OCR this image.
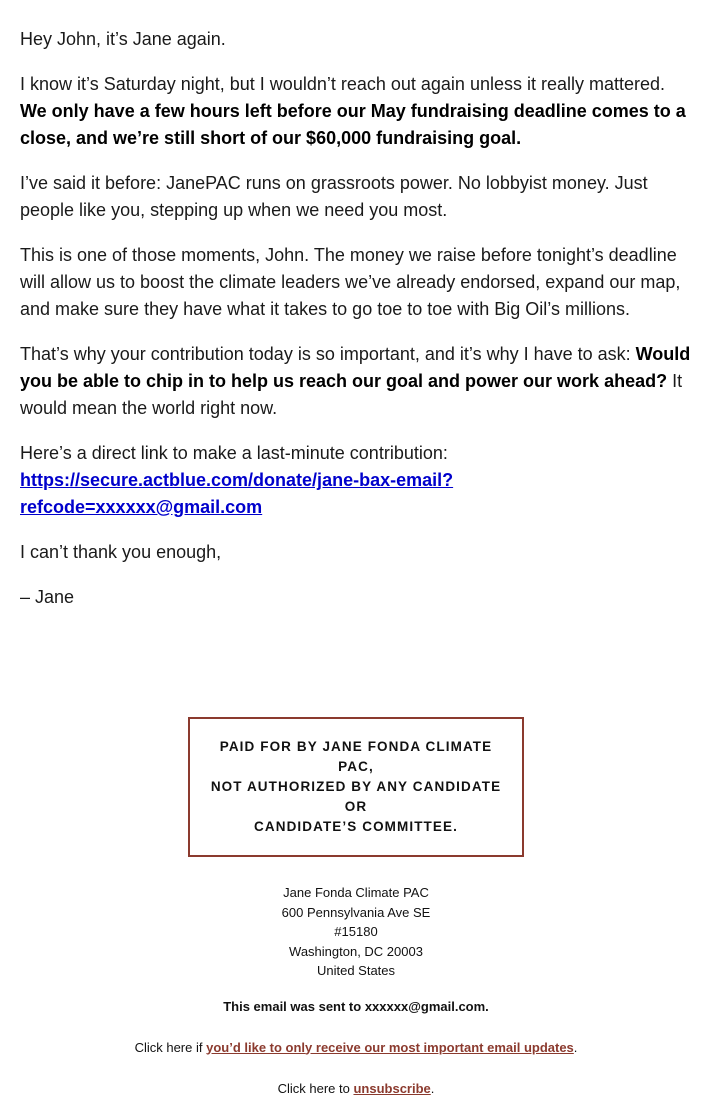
Hey John, it’s Jane again.

I know it’s Saturday night, but I wouldn’t reach out again unless it really mattered. We only have a few hours left before our May fundraising deadline comes to a close, and we’re still short of our $60,000 fundraising goal.

I’ve said it before: JanePAC runs on grassroots power. No lobbyist money. Just people like you, stepping up when we need you most.

This is one of those moments, John. The money we raise before tonight’s deadline will allow us to boost the climate leaders we’ve already endorsed, expand our map, and make sure they have what it takes to go toe to toe with Big Oil’s millions.

That’s why your contribution today is so important, and it’s why I have to ask: Would you be able to chip in to help us reach our goal and power our work ahead? It would mean the world right now.

Here’s a direct link to make a last-minute contribution:
https://secure.actblue.com/donate/jane-bax-email?refcode=xxxxxx@gmail.com

I can’t thank you enough,

– Jane

PAID FOR BY JANE FONDA CLIMATE PAC,
NOT AUTHORIZED BY ANY CANDIDATE OR
CANDIDATE’S COMMITTEE.
Jane Fonda Climate PAC
600 Pennsylvania Ave SE
#15180
Washington, DC 20003
United States
This email was sent to xxxxxx@gmail.com.
Click here if you’d like to only receive our most important email updates.
Click here to unsubscribe.
